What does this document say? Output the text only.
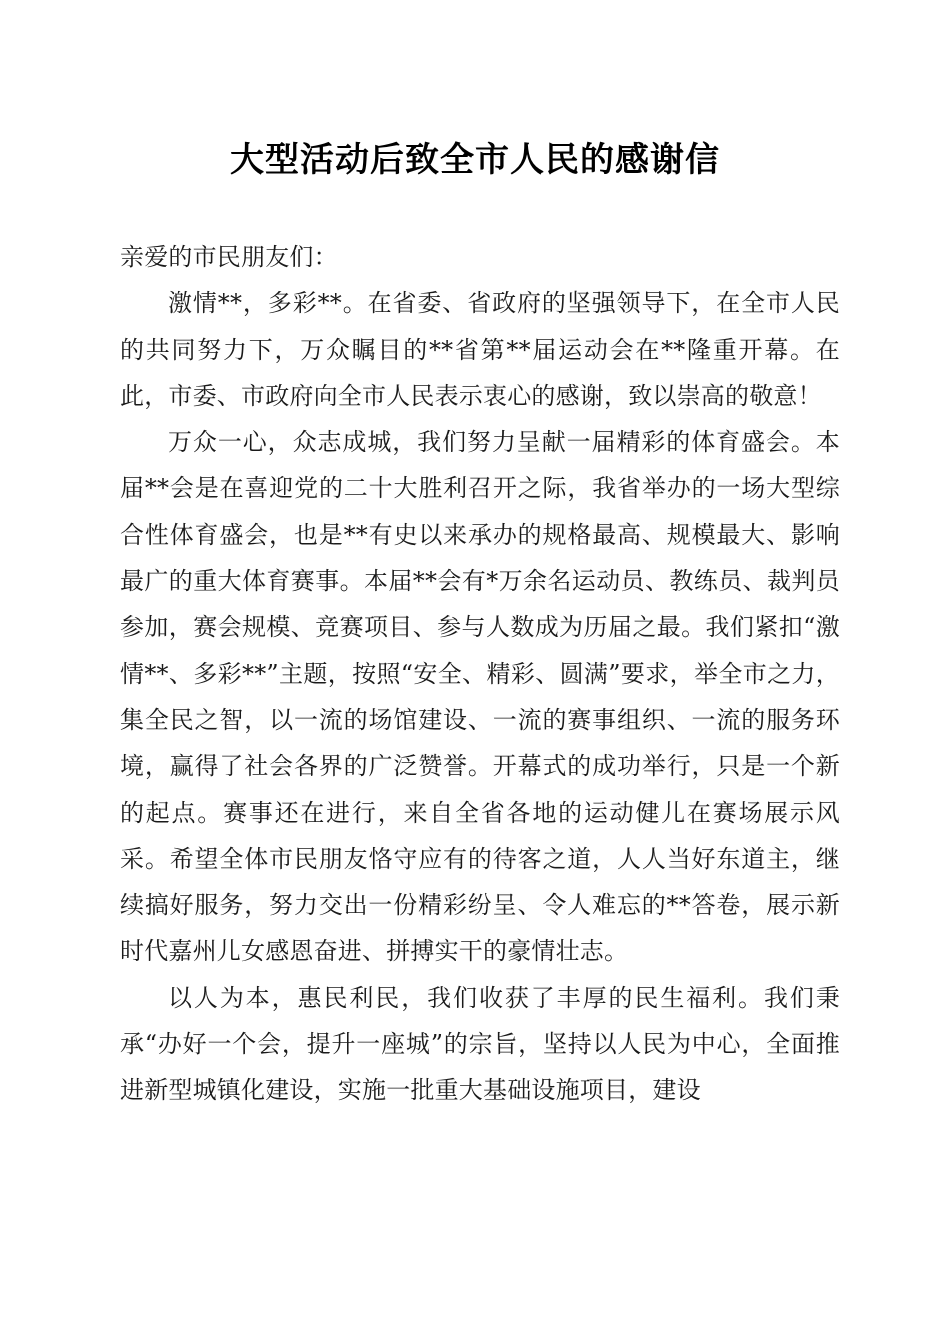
大型活动后致全市人民的感谢信

亲爱的市民朋友们：

激情**，多彩**。在省委、省政府的坚强领导下，在全市人民的共同努力下，万众瞩目的**省第**届运动会在**隆重开幕。在此，市委、市政府向全市人民表示衷心的感谢，致以崇高的敬意！

万众一心，众志成城，我们努力呈献一届精彩的体育盛会。本届**会是在喜迎党的二十大胜利召开之际，我省举办的一场大型综合性体育盛会，也是**有史以来承办的规格最高、规模最大、影响最广的重大体育赛事。本届**会有*万余名运动员、教练员、裁判员参加，赛会规模、竞赛项目、参与人数成为历届之最。我们紧扣“激情**、多彩**”主题，按照“安全、精彩、圆满”要求，举全市之力，集全民之智，以一流的场馆建设、一流的赛事组织、一流的服务环境，赢得了社会各界的广泛赞誉。开幕式的成功举行，只是一个新的起点。赛事还在进行，来自全省各地的运动健儿在赛场展示风采。希望全体市民朋友恪守应有的待客之道，人人当好东道主，继续搞好服务，努力交出一份精彩纷呈、令人难忘的**答卷，展示新时代嘉州儿女感恩奋进、拼搏实干的豪情壮志。

以人为本，惠民利民，我们收获了丰厚的民生福利。我们秉承“办好一个会，提升一座城”的宗旨，坚持以人民为中心，全面推进新型城镇化建设，实施一批重大基础设施项目，建设
